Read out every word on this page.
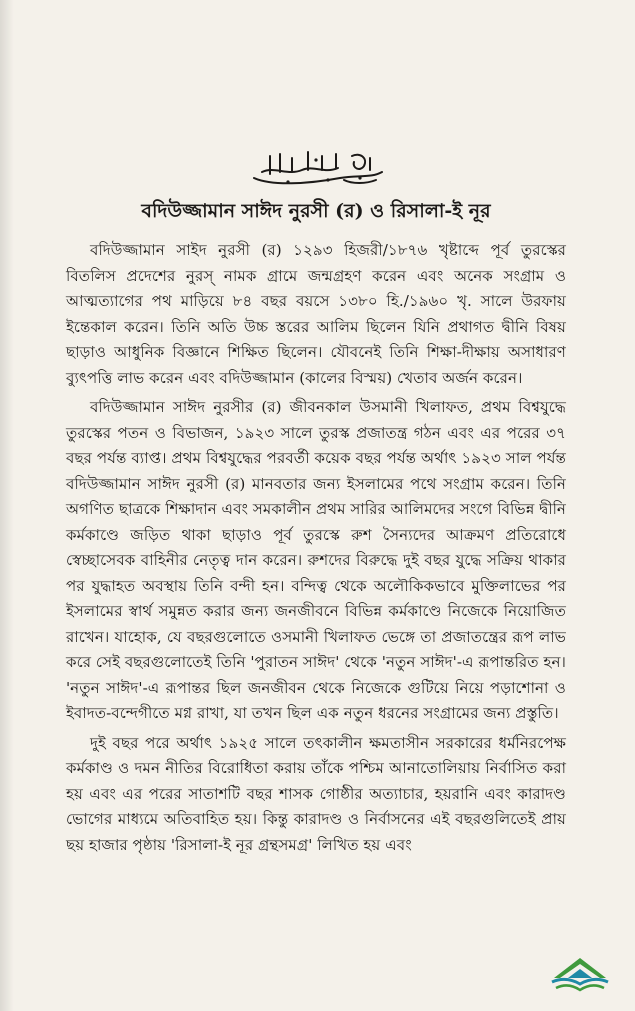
বদিউজ্জামান সাঈদ নুরসী (র) ও রিসালা-ই নূর

বদিউজ্জামান সাইদ নুরসী (র) ১২৯৩ হিজরী/১৮৭৬ খৃষ্টাব্দে পূর্ব তুরস্কের বিতলিস প্রদেশের নুরস্ নামক গ্রামে জন্মগ্রহণ করেন এবং অনেক সংগ্রাম ও আত্মত্যাগের পথ মাড়িয়ে ৮৪ বছর বয়সে ১৩৮০ হি./১৯৬০ খৃ. সালে উরফায় ইন্তেকাল করেন। তিনি অতি উচ্চ স্তরের আলিম ছিলেন যিনি প্রথাগত দ্বীনি বিষয় ছাড়াও আধুনিক বিজ্ঞানে শিক্ষিত ছিলেন। যৌবনেই তিনি শিক্ষা-দীক্ষায় অসাধারণ ব্যুৎপত্তি লাভ করেন এবং বদিউজ্জামান (কালের বিস্ময়) খেতাব অর্জন করেন।

বদিউজ্জামান সাঈদ নুরসীর (র) জীবনকাল উসমানী খিলাফত, প্রথম বিশ্বযুদ্ধে তুরস্কের পতন ও বিভাজন, ১৯২৩ সালে তুরস্ক প্রজাতন্ত্র গঠন এবং এর পরের ৩৭ বছর পর্যন্ত ব্যাপ্ত। প্রথম বিশ্বযুদ্ধের পরবর্তী কয়েক বছর পর্যন্ত অর্থাৎ ১৯২৩ সাল পর্যন্ত বদিউজ্জামান সাঈদ নুরসী (র) মানবতার জন্য ইসলামের পথে সংগ্রাম করেন। তিনি অগণিত ছাত্রকে শিক্ষাদান এবং সমকালীন প্রথম সারির আলিমদের সংগে বিভিন্ন দ্বীনি কর্মকাণ্ডে জড়িত থাকা ছাড়াও পূর্ব তুরস্কে রুশ সৈন্যদের আক্রমণ প্রতিরোধে স্বেচ্ছাসেবক বাহিনীর নেতৃত্ব দান করেন। রুশদের বিরুদ্ধে দুই বছর যুদ্ধে সক্রিয় থাকার পর যুদ্ধাহত অবস্থায় তিনি বন্দী হন। বন্দিত্ব থেকে অলৌকিকভাবে মুক্তিলাভের পর ইসলামের স্বার্থ সমুন্নত করার জন্য জনজীবনে বিভিন্ন কর্মকাণ্ডে নিজেকে নিয়োজিত রাখেন। যাহোক, যে বছরগুলোতে ওসমানী খিলাফত ভেঙ্গে তা প্রজাতন্ত্রের রূপ লাভ করে সেই বছরগুলোতেই তিনি 'পুরাতন সাঈদ' থেকে 'নতুন সাঈদ'-এ রূপান্তরিত হন। 'নতুন সাঈদ'-এ রূপান্তর ছিল জনজীবন থেকে নিজেকে গুটিয়ে নিয়ে পড়াশোনা ও ইবাদত-বন্দেগীতে মগ্ন রাখা, যা তখন ছিল এক নতুন ধরনের সংগ্রামের জন্য প্রস্তুতি।

দুই বছর পরে অর্থাৎ ১৯২৫ সালে তৎকালীন ক্ষমতাসীন সরকারের ধর্মনিরপেক্ষ কর্মকাণ্ড ও দমন নীতির বিরোধিতা করায় তাঁকে পশ্চিম আনাতোলিয়ায় নির্বাসিত করা হয় এবং এর পরের সাতাশটি বছর শাসক গোষ্ঠীর অত্যাচার, হয়রানি এবং কারাদণ্ড ভোগের মাধ্যমে অতিবাহিত হয়। কিন্তু কারাদণ্ড ও নির্বাসনের এই বছরগুলিতেই প্রায় ছয় হাজার পৃষ্ঠায় 'রিসালা-ই নূর গ্রন্থসমগ্র' লিখিত হয় এবং
